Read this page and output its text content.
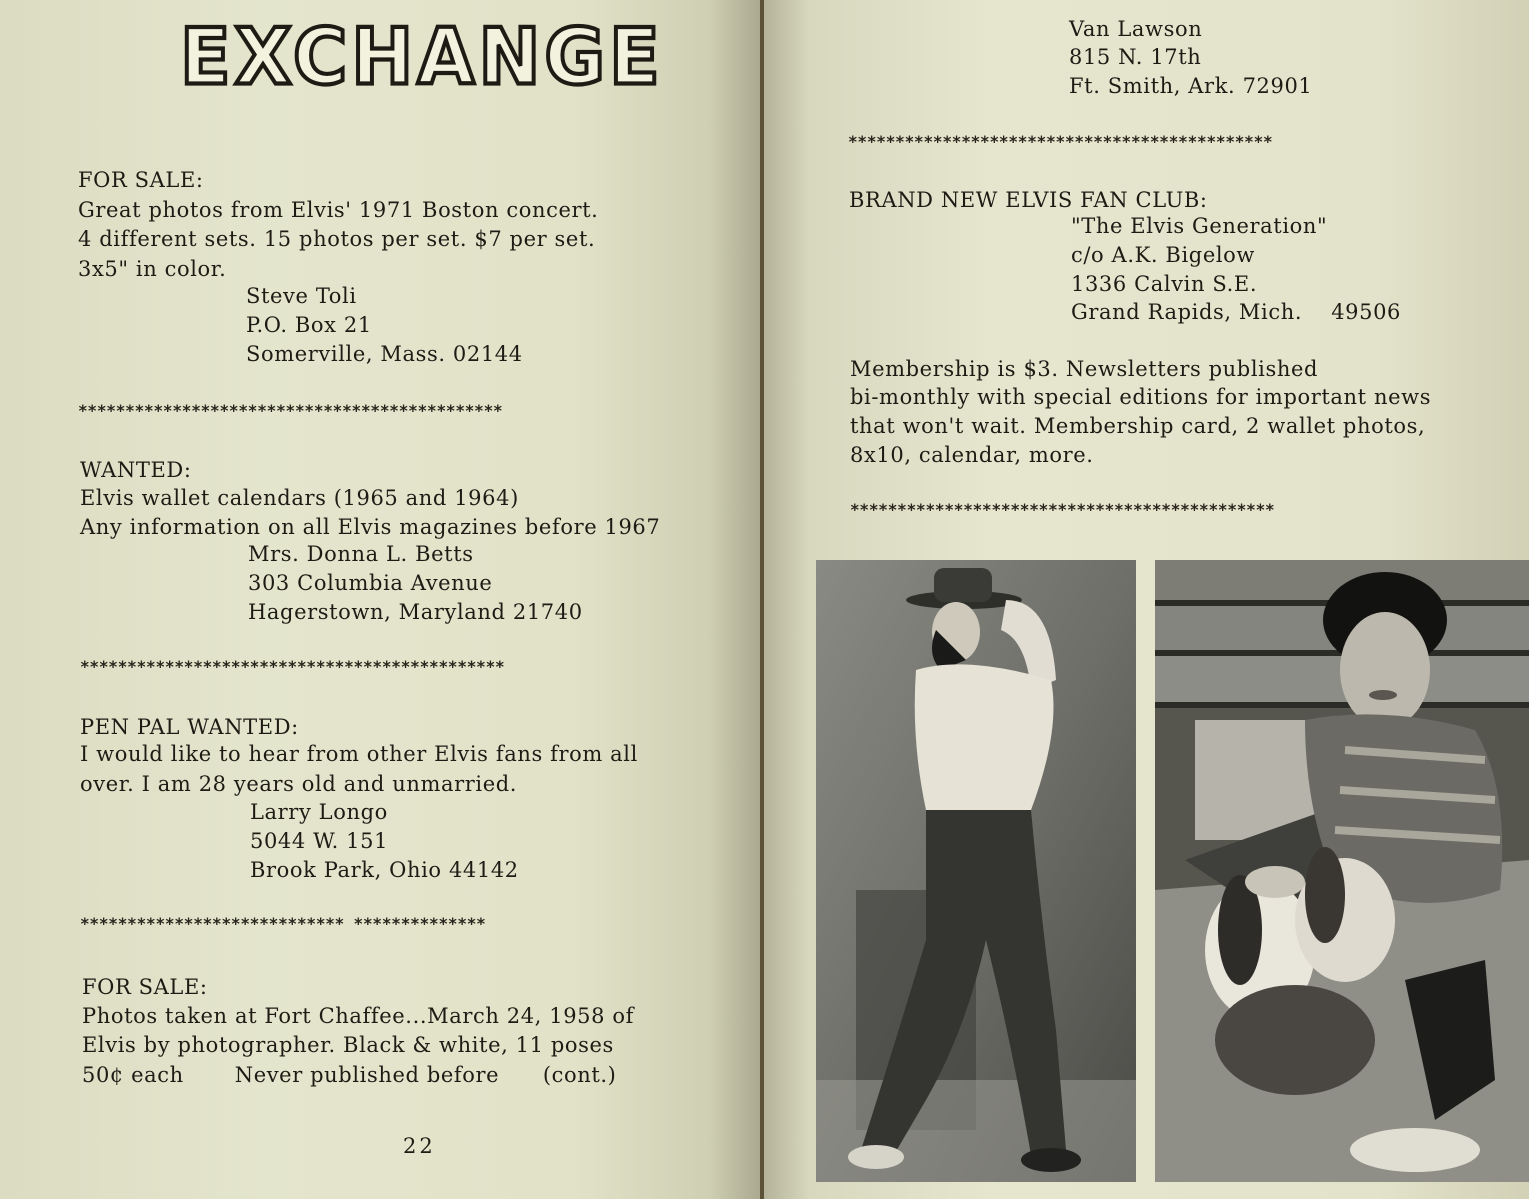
EXCHANGE
FOR SALE:
Great photos from Elvis' 1971 Boston concert.
4 different sets. 15 photos per set. $7 per set.
3x5" in color.
Steve Toli
P.O. Box 21
Somerville, Mass. 02144
*********************************************
WANTED:
Elvis wallet calendars (1965 and 1964)
Any information on all Elvis magazines before 1967
Mrs. Donna L. Betts
303 Columbia Avenue
Hagerstown, Maryland 21740
*********************************************
PEN PAL WANTED:
I would like to hear from other Elvis fans from all
over. I am 28 years old and unmarried.
Larry Longo
5044 W. 151
Brook Park, Ohio 44142
**************************** **************
FOR SALE:
Photos taken at Fort Chaffee...March 24, 1958 of
Elvis by photographer. Black & white, 11 poses
50¢ each       Never published before      (cont.)
22
Van Lawson
815 N. 17th
Ft. Smith, Ark. 72901
*********************************************
BRAND NEW ELVIS FAN CLUB:
"The Elvis Generation"
c/o A.K. Bigelow
1336 Calvin S.E.
Grand Rapids, Mich.    49506
Membership is $3. Newsletters published
bi-monthly with special editions for important news
that won't wait. Membership card, 2 wallet photos,
8x10, calendar, more.
*********************************************
